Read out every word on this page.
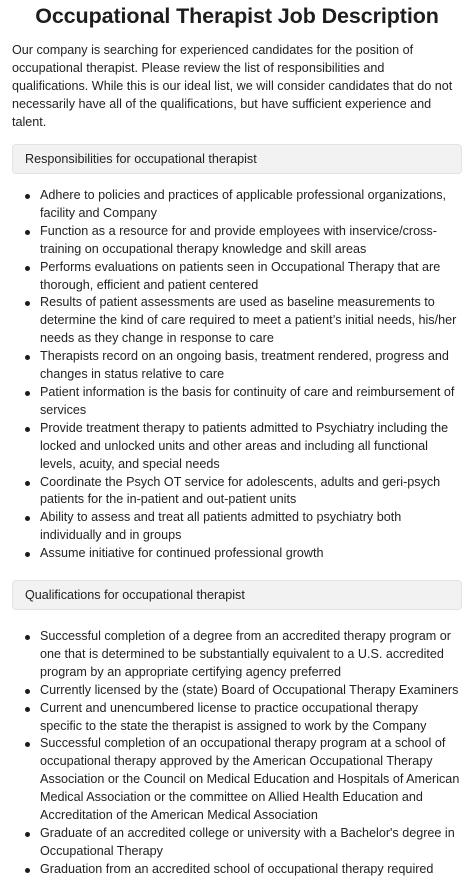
Occupational Therapist Job Description

Our company is searching for experienced candidates for the position of occupational therapist. Please review the list of responsibilities and qualifications. While this is our ideal list, we will consider candidates that do not necessarily have all of the qualifications, but have sufficient experience and talent.

Responsibilities for occupational therapist
Adhere to policies and practices of applicable professional organizations, facility and Company
Function as a resource for and provide employees with inservice/cross-training on occupational therapy knowledge and skill areas
Performs evaluations on patients seen in Occupational Therapy that are thorough, efficient and patient centered
Results of patient assessments are used as baseline measurements to determine the kind of care required to meet a patient’s initial needs, his/her needs as they change in response to care
Therapists record on an ongoing basis, treatment rendered, progress and changes in status relative to care
Patient information is the basis for continuity of care and reimbursement of services
Provide treatment therapy to patients admitted to Psychiatry including the locked and unlocked units and other areas and including all functional levels, acuity, and special needs
Coordinate the Psych OT service for adolescents, adults and geri-psych patients for the in-patient and out-patient units
Ability to assess and treat all patients admitted to psychiatry both individually and in groups
Assume initiative for continued professional growth
Qualifications for occupational therapist
Successful completion of a degree from an accredited therapy program or one that is determined to be substantially equivalent to a U.S. accredited program by an appropriate certifying agency preferred
Currently licensed by the (state) Board of Occupational Therapy Examiners
Current and unencumbered license to practice occupational therapy specific to the state the therapist is assigned to work by the Company
Successful completion of an occupational therapy program at a school of occupational therapy approved by the American Occupational Therapy Association or the Council on Medical Education and Hospitals of American Medical Association or the committee on Allied Health Education and Accreditation of the American Medical Association
Graduate of an accredited college or university with a Bachelor's degree in Occupational Therapy
Graduation from an accredited school of occupational therapy required
